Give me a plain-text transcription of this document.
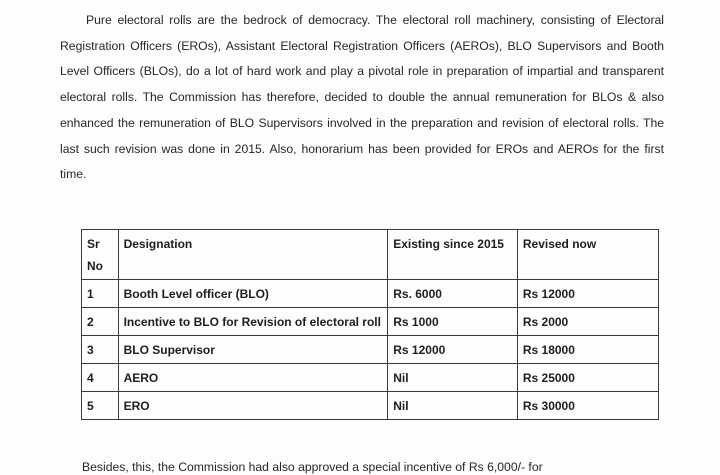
Pure electoral rolls are the bedrock of democracy. The electoral roll machinery, consisting of Electoral Registration Officers (EROs), Assistant Electoral Registration Officers (AEROs), BLO Supervisors and Booth Level Officers (BLOs), do a lot of hard work and play a pivotal role in preparation of impartial and transparent electoral rolls. The Commission has therefore, decided to double the annual remuneration for BLOs & also enhanced the remuneration of BLO Supervisors involved in the preparation and revision of electoral rolls. The last such revision was done in 2015. Also, honorarium has been provided for EROs and AEROs for the first time.

Sr No	Designation	Existing since 2015	Revised now
1	Booth Level officer (BLO)	Rs. 6000	Rs 12000
2	Incentive to BLO for Revision of electoral roll	Rs 1000	Rs 2000
3	BLO Supervisor	Rs 12000	Rs 18000
4	AERO	Nil	Rs 25000
5	ERO	Nil	Rs 30000

Besides, this, the Commission had also approved a special incentive of Rs 6,000/- for
